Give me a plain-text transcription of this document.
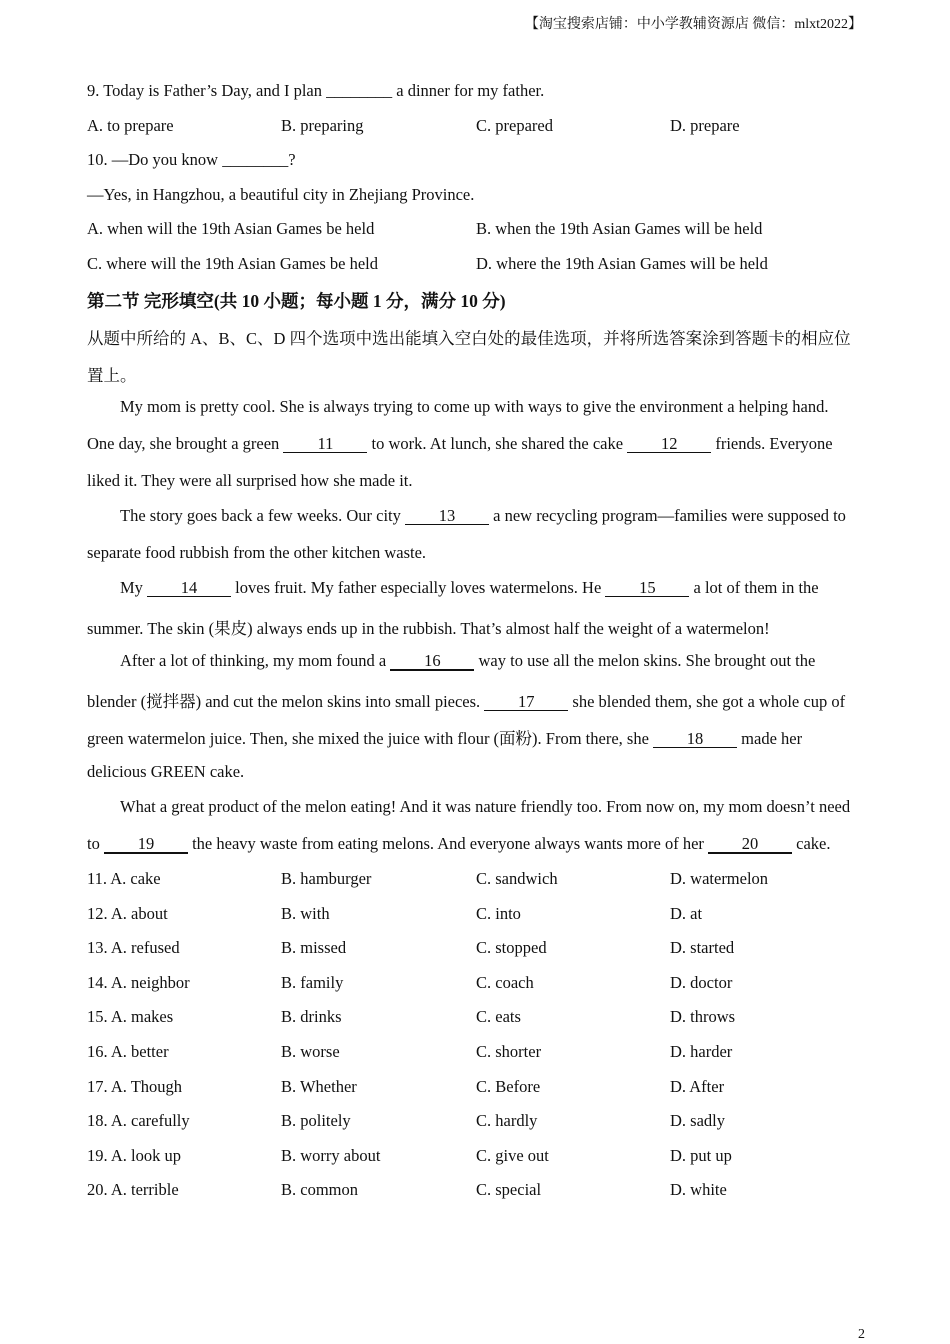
【淘宝搜索店铺：中小学教辅资源店 微信：mlxt2022】
9. Today is Father’s Day, and I plan ________ a dinner for my father.
A. to prepare	B. preparing	C. prepared	D. prepare
10. —Do you know ________?
—Yes, in Hangzhou, a beautiful city in Zhejiang Province.
A. when will the 19th Asian Games be held	B. when the 19th Asian Games will be held
C. where will the 19th Asian Games be held	D. where the 19th Asian Games will be held
第二节 完形填空(共 10 小题；每小题 1 分，满分 10 分)
从题中所给的 A、B、C、D 四个选项中选出能填入空白处的最佳选项，并将所选答案涂到答题卡的相应位
置上。
My mom is pretty cool. She is always trying to come up with ways to give the environment a helping hand.
One day, she brought a green 11 to work. At lunch, she shared the cake 12 friends. Everyone
liked it. They were all surprised how she made it.
The story goes back a few weeks. Our city 13 a new recycling program—families were supposed to
separate food rubbish from the other kitchen waste.
My 14 loves fruit. My father especially loves watermelons. He 15 a lot of them in the
summer. The skin (果皮) always ends up in the rubbish. That’s almost half the weight of a watermelon!
After a lot of thinking, my mom found a 16 way to use all the melon skins. She brought out the
blender (搅拌器) and cut the melon skins into small pieces. 17 she blended them, she got a whole cup of
green watermelon juice. Then, she mixed the juice with flour (面粉). From there, she 18 made her
delicious GREEN cake.
What a great product of the melon eating! And it was nature friendly too. From now on, my mom doesn’t need
to 19 the heavy waste from eating melons. And everyone always wants more of her 20 cake.
11. A. cake	B. hamburger	C. sandwich	D. watermelon
12. A. about	B. with	C. into	D. at
13. A. refused	B. missed	C. stopped	D. started
14. A. neighbor	B. family	C. coach	D. doctor
15. A. makes	B. drinks	C. eats	D. throws
16. A. better	B. worse	C. shorter	D. harder
17. A. Though	B. Whether	C. Before	D. After
18. A. carefully	B. politely	C. hardly	D. sadly
19. A. look up	B. worry about	C. give out	D. put up
20. A. terrible	B. common	C. special	D. white
2
